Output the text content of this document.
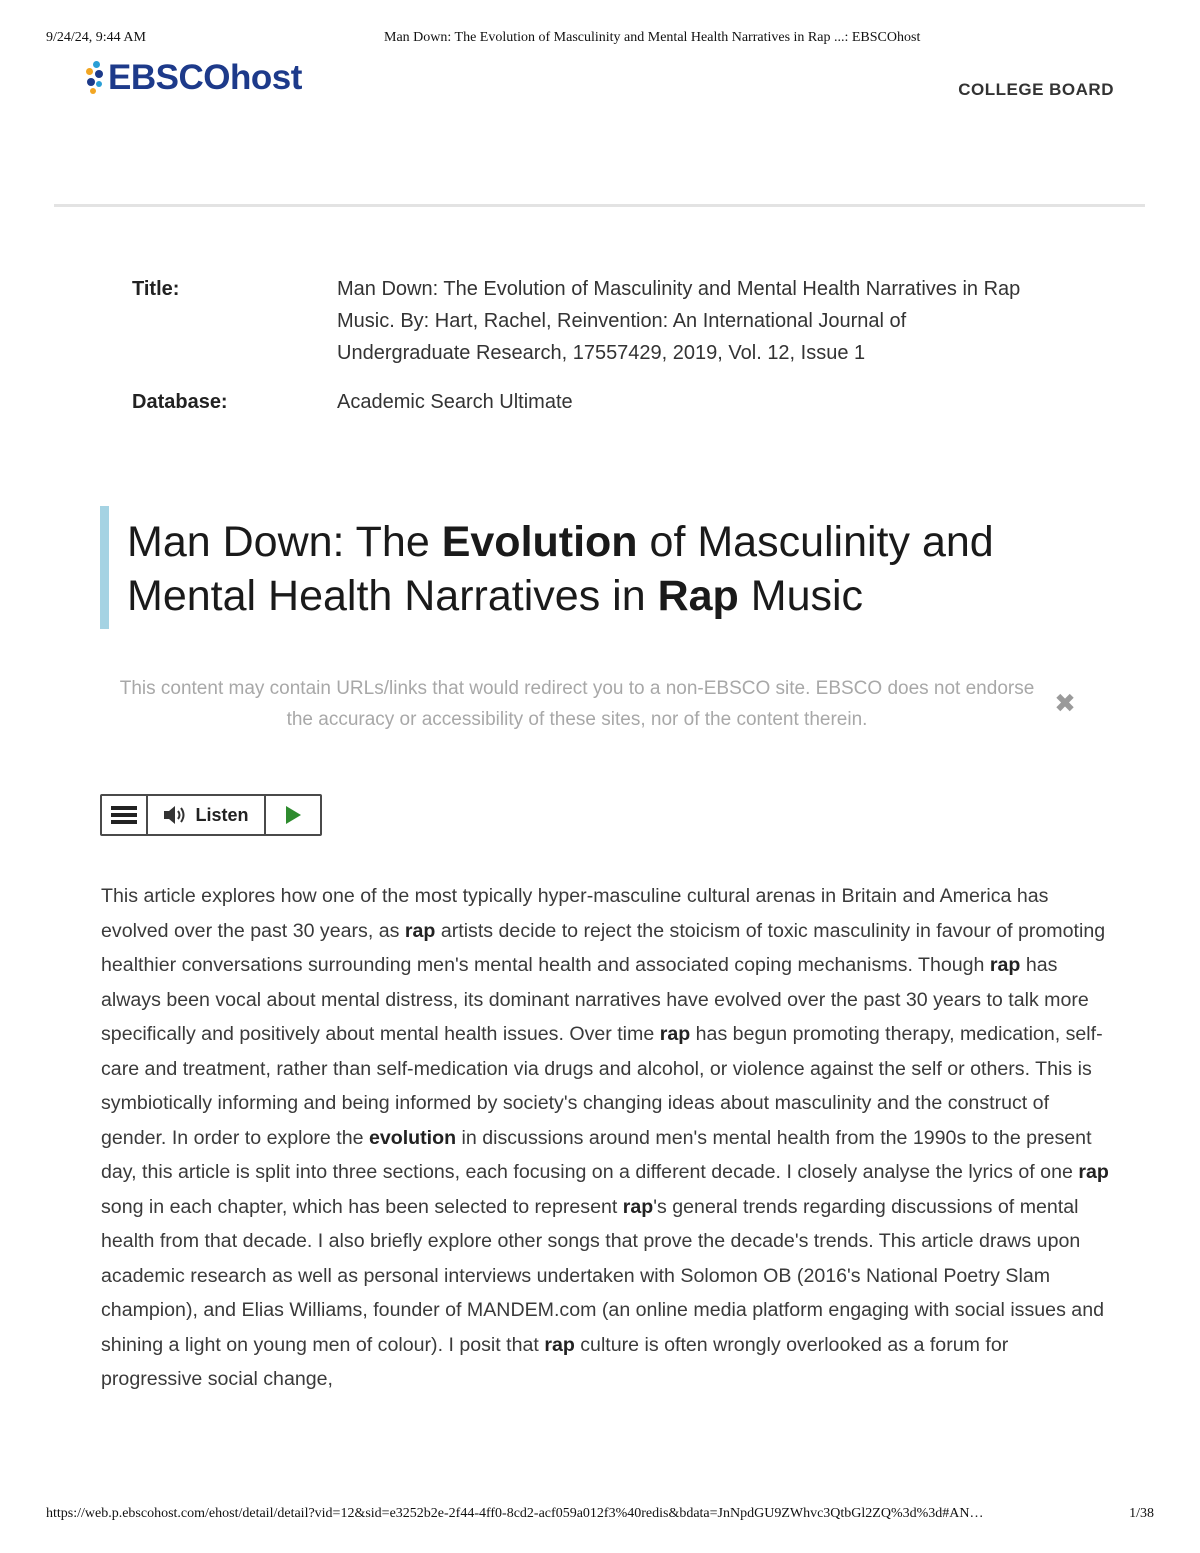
9/24/24, 9:44 AM	Man Down: The Evolution of Masculinity and Mental Health Narratives in Rap ...: EBSCOhost
EBSCOhost	COLLEGE BOARD
Title:	Man Down: The Evolution of Masculinity and Mental Health Narratives in Rap Music. By: Hart, Rachel, Reinvention: An International Journal of Undergraduate Research, 17557429, 2019, Vol. 12, Issue 1
Database:	Academic Search Ultimate
Man Down: The Evolution of Masculinity and Mental Health Narratives in Rap Music
This content may contain URLs/links that would redirect you to a non-EBSCO site. EBSCO does not endorse the accuracy or accessibility of these sites, nor of the content therein.
✖
Listen
This article explores how one of the most typically hyper-masculine cultural arenas in Britain and America has evolved over the past 30 years, as rap artists decide to reject the stoicism of toxic masculinity in favour of promoting healthier conversations surrounding men's mental health and associated coping mechanisms. Though rap has always been vocal about mental distress, its dominant narratives have evolved over the past 30 years to talk more specifically and positively about mental health issues. Over time rap has begun promoting therapy, medication, self-care and treatment, rather than self-medication via drugs and alcohol, or violence against the self or others. This is symbiotically informing and being informed by society's changing ideas about masculinity and the construct of gender. In order to explore the evolution in discussions around men's mental health from the 1990s to the present day, this article is split into three sections, each focusing on a different decade. I closely analyse the lyrics of one rap song in each chapter, which has been selected to represent rap's general trends regarding discussions of mental health from that decade. I also briefly explore other songs that prove the decade's trends. This article draws upon academic research as well as personal interviews undertaken with Solomon OB (2016's National Poetry Slam champion), and Elias Williams, founder of MANDEM.com (an online media platform engaging with social issues and shining a light on young men of colour). I posit that rap culture is often wrongly overlooked as a forum for progressive social change,
https://web.p.ebscohost.com/ehost/detail/detail?vid=12&sid=e3252b2e-2f44-4ff0-8cd2-acf059a012f3%40redis&bdata=JnNpdGU9ZWhvc3QtbGl2ZQ%3d%3d#AN…	1/38
